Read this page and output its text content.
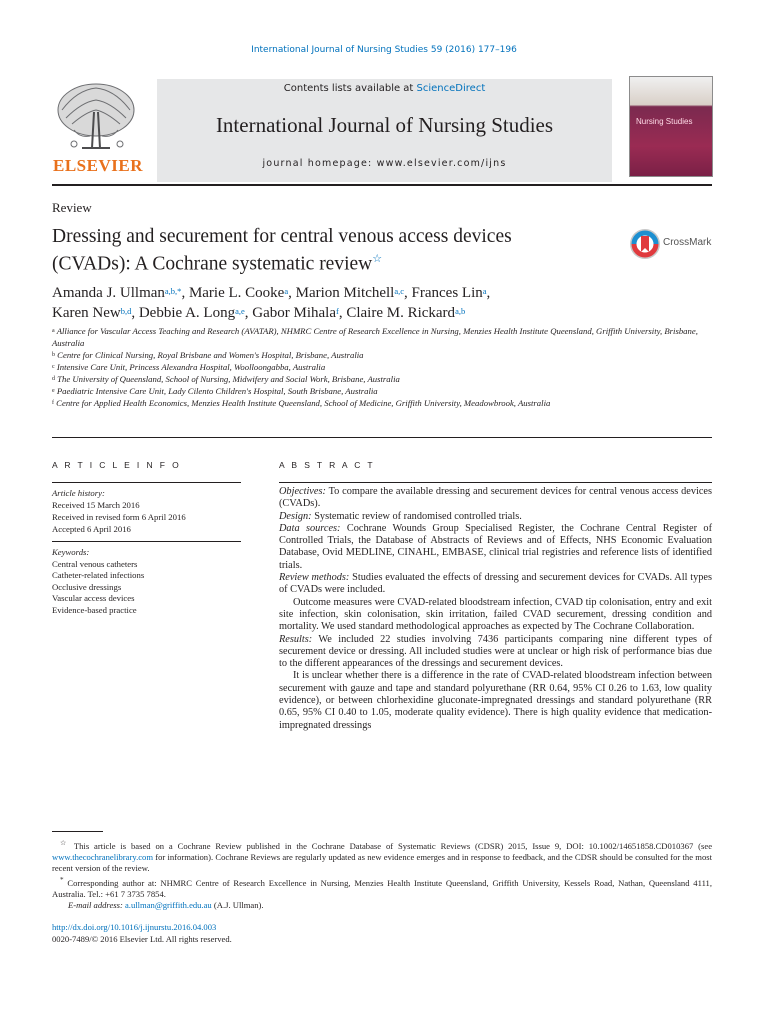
International Journal of Nursing Studies 59 (2016) 177–196
ELSEVIER
Contents lists available at ScienceDirect
International Journal of Nursing Studies
journal homepage: www.elsevier.com/ijns
Nursing Studies
Review
Dressing and securement for central venous access devices
(CVADs): A Cochrane systematic review☆
CrossMark
Amanda J. Ullman$^{a,b,*}$, Marie L. Cooke$^a$, Marion Mitchell$^{a,c}$, Frances Lin$^a$,
Karen New$^{b,d}$, Debbie A. Long$^{a,e}$, Gabor Mihala$^f$, Claire M. Rickard$^{a,b}$
$^a$ Alliance for Vascular Access Teaching and Research (AVATAR), NHMRC Centre of Research Excellence in Nursing, Menzies Health Institute Queensland, Griffith University, Brisbane, Australia
$^b$ Centre for Clinical Nursing, Royal Brisbane and Women's Hospital, Brisbane, Australia
$^c$ Intensive Care Unit, Princess Alexandra Hospital, Woolloongabba, Australia
$^d$ The University of Queensland, School of Nursing, Midwifery and Social Work, Brisbane, Australia
$^e$ Paediatric Intensive Care Unit, Lady Cilento Children's Hospital, South Brisbane, Australia
$^f$ Centre for Applied Health Economics, Menzies Health Institute Queensland, School of Medicine, Griffith University, Meadowbrook, Australia
A R T I C L E I N F O
Article history:
Received 15 March 2016
Received in revised form 6 April 2016
Accepted 6 April 2016
Keywords:
Central venous catheters
Catheter-related infections
Occlusive dressings
Vascular access devices
Evidence-based practice
A B S T R A C T

Objectives: To compare the available dressing and securement devices for central venous access devices (CVADs).

Design: Systematic review of randomised controlled trials.

Data sources: Cochrane Wounds Group Specialised Register, the Cochrane Central Register of Controlled Trials, the Database of Abstracts of Reviews and of Effects, NHS Economic Evaluation Database, Ovid MEDLINE, CINAHL, EMBASE, clinical trial registries and reference lists of identified trials.

Review methods: Studies evaluated the effects of dressing and securement devices for CVADs. All types of CVADs were included.

Outcome measures were CVAD-related bloodstream infection, CVAD tip colonisation, entry and exit site infection, skin colonisation, skin irritation, failed CVAD securement, dressing condition and mortality. We used standard methodological approaches as expected by The Cochrane Collaboration.

Results: We included 22 studies involving 7436 participants comparing nine different types of securement device or dressing. All included studies were at unclear or high risk of performance bias due to the different appearances of the dressings and securement devices.

It is unclear whether there is a difference in the rate of CVAD-related bloodstream infection between securement with gauze and tape and standard polyurethane (RR 0.64, 95% CI 0.26 to 1.63, low quality evidence), or between chlorhexidine gluconate-impregnated dressings and standard polyurethane (RR 0.65, 95% CI 0.40 to 1.05, moderate quality evidence). There is high quality evidence that medication-impregnated dressings

☆ This article is based on a Cochrane Review published in the Cochrane Database of Systematic Reviews (CDSR) 2015, Issue 9, DOI: 10.1002/14651858.CD010367 (see www.thecochranelibrary.com for information). Cochrane Reviews are regularly updated as new evidence emerges and in response to feedback, and the CDSR should be consulted for the most recent version of the review.

* Corresponding author at: NHMRC Centre of Research Excellence in Nursing, Menzies Health Institute Queensland, Griffith University, Kessels Road, Nathan, Queensland 4111, Australia. Tel.: +61 7 3735 7854.

E-mail address: a.ullman@griffith.edu.au (A.J. Ullman).

http://dx.doi.org/10.1016/j.ijnurstu.2016.04.003
0020-7489/© 2016 Elsevier Ltd. All rights reserved.
